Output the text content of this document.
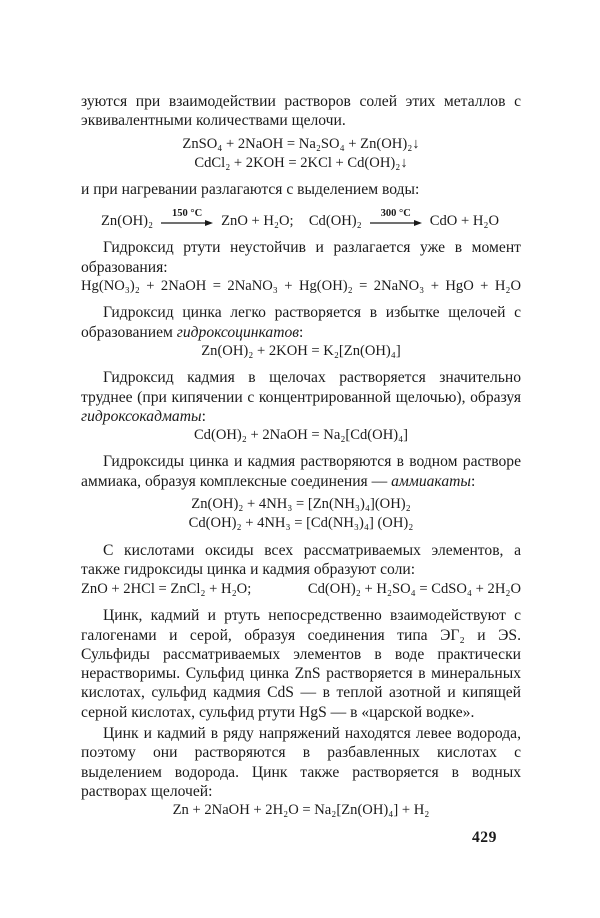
зуются при взаимодействии растворов солей этих металлов с эквивалентными количествами щелочи.

ZnSO₄ + 2NaOH = Na₂SO₄ + Zn(OH)₂↓
CdCl₂ + 2KOH = 2KCl + Cd(OH)₂↓

и при нагревании разлагаются с выделением воды:

Zn(OH)₂ 150 °C ZnO + H₂O; Cd(OH)₂ 300 °C CdO + H₂O

Гидроксид ртути неустойчив и разлагается уже в момент образования:

Hg(NO₃)₂ + 2NaOH = 2NaNO₃ + Hg(OH)₂ = 2NaNO₃ + HgO + H₂O

Гидроксид цинка легко растворяется в избытке щелочей с образованием гидроксоцинкатов:

Zn(OH)₂ + 2KOH = K₂[Zn(OH)₄]

Гидроксид кадмия в щелочах растворяется значительно труднее (при кипячении с концентрированной щелочью), образуя гидроксокадматы:

Cd(OH)₂ + 2NaOH = Na₂[Cd(OH)₄]

Гидроксиды цинка и кадмия растворяются в водном растворе аммиака, образуя комплексные соединения — аммиакаты:

Zn(OH)₂ + 4NH₃ = [Zn(NH₃)₄](OH)₂
Cd(OH)₂ + 4NH₃ = [Cd(NH₃)₄] (OH)₂

С кислотами оксиды всех рассматриваемых элементов, а также гидроксиды цинка и кадмия образуют соли:

ZnO + 2HCl = ZnCl₂ + H₂O;	Cd(OH)₂ + H₂SO₄ = CdSO₄ + 2H₂O

Цинк, кадмий и ртуть непосредственно взаимодействуют с галогенами и серой, образуя соединения типа ЭΓ₂ и ЭS. Сульфиды рассматриваемых элементов в воде практически нерастворимы. Сульфид цинка ZnS растворяется в минеральных кислотах, сульфид кадмия CdS — в теплой азотной и кипящей серной кислотах, сульфид ртути HgS — в «царской водке».

Цинк и кадмий в ряду напряжений находятся левее водорода, поэтому они растворяются в разбавленных кислотах с выделением водорода. Цинк также растворяется в водных растворах щелочей:

Zn + 2NaOH + 2H₂O = Na₂[Zn(OH)₄] + H₂
429
